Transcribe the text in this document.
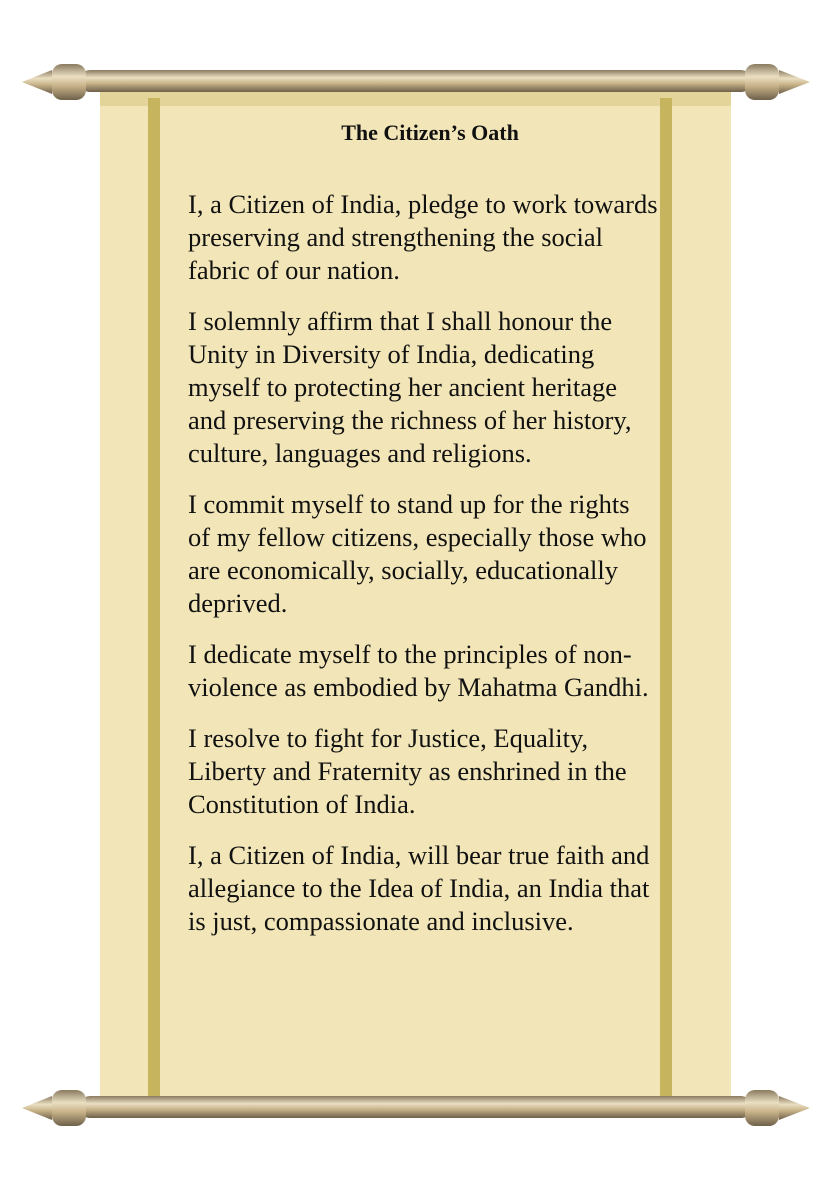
The Citizen’s Oath

I, a Citizen of India, pledge to work towards preserving and strengthening the social fabric of our nation.

I solemnly affirm that I shall honour the Unity in Diversity of India, dedicating myself to protecting her ancient heritage and preserving the richness of her history, culture, languages and religions.

I commit myself to stand up for the rights of my fellow citizens, especially those who are economically, socially, educationally deprived.

I dedicate myself to the principles of non-violence as embodied by Mahatma Gandhi.

I resolve to fight for Justice, Equality, Liberty and Fraternity as enshrined in the Constitution of India.

I, a Citizen of India, will bear true faith and allegiance to the Idea of India, an India that is just, compassionate and inclusive.
